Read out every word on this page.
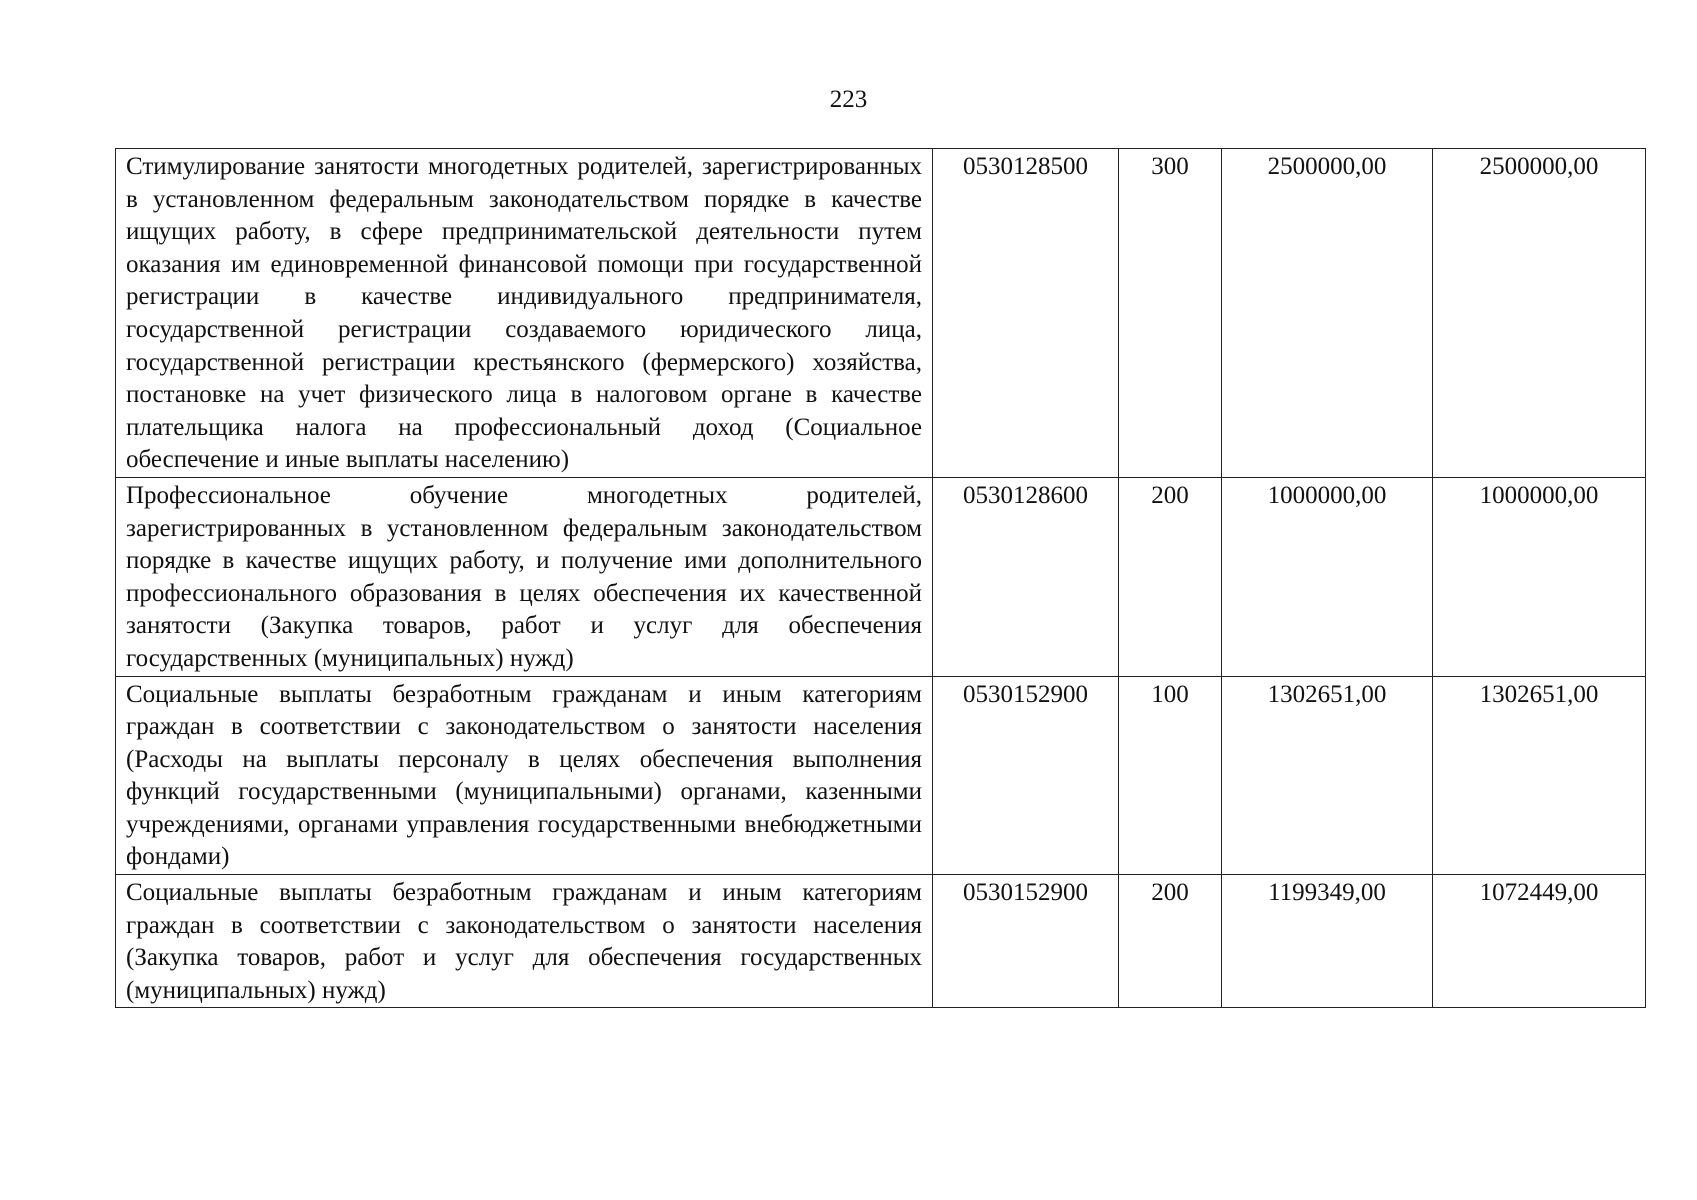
223
Стимулирование занятости многодетных родителей, зарегистрированных в установленном федеральным законодательством порядке в качестве ищущих работу, в сфере предпринимательской деятельности путем оказания им единовременной финансовой помощи при государственной регистрации в качестве индивидуального предпринимателя, государственной регистрации создаваемого юридического лица, государственной регистрации крестьянского (фермерского) хозяйства, постановке на учет физического лица в налоговом органе в качестве плательщика налога на профессиональный доход (Социальное обеспечение и иные выплаты населению)	0530128500	300	2500000,00	2500000,00
Профессиональное обучение многодетных родителей, зарегистрированных в установленном федеральным законодательством порядке в качестве ищущих работу, и получение ими дополнительного профессионального образования в целях обеспечения их качественной занятости (Закупка товаров, работ и услуг для обеспечения государственных (муниципальных) нужд)	0530128600	200	1000000,00	1000000,00
Социальные выплаты безработным гражданам и иным категориям граждан в соответствии с законодательством о занятости населения (Расходы на выплаты персоналу в целях обеспечения выполнения функций государственными (муниципальными) органами, казенными учреждениями, органами управления государственными внебюджетными фондами)	0530152900	100	1302651,00	1302651,00
Социальные выплаты безработным гражданам и иным категориям граждан в соответствии с законодательством о занятости населения (Закупка товаров, работ и услуг для обеспечения государственных (муниципальных) нужд)	0530152900	200	1199349,00	1072449,00
